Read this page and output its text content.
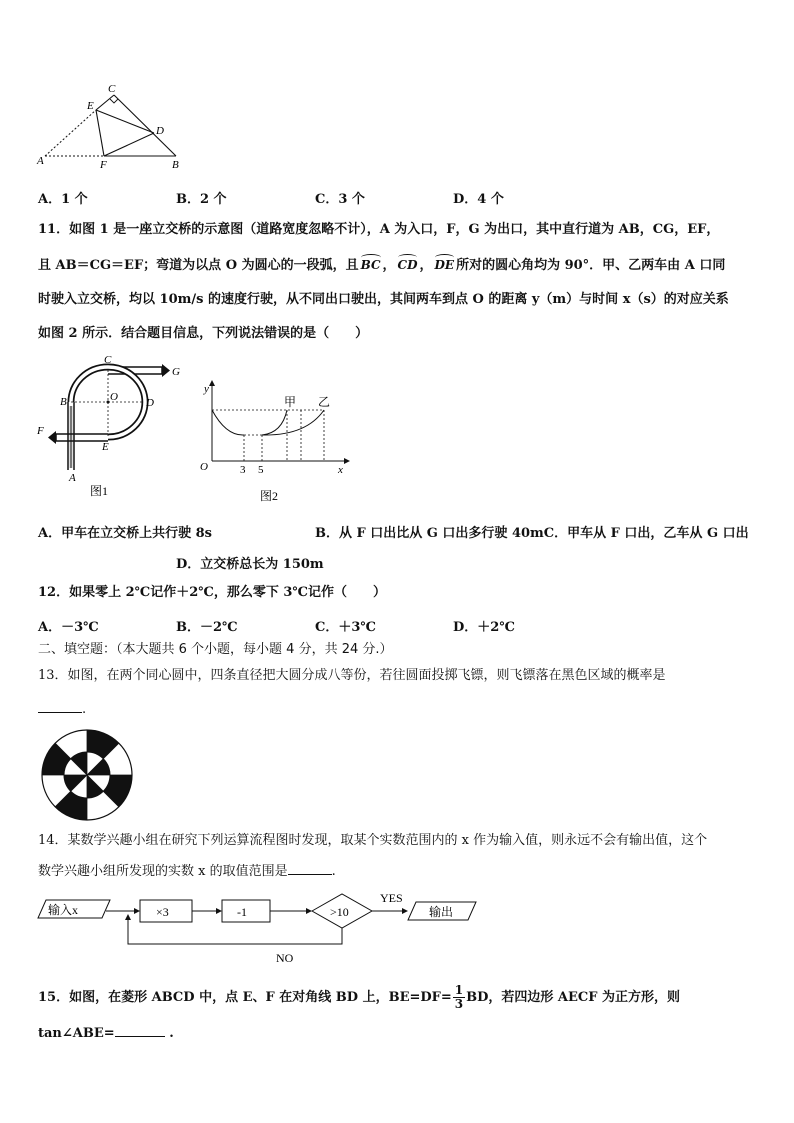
C
E
D
A	F	B
A．1 个	B．2 个	C．3 个	D．4 个
11．如图 1 是一座立交桥的示意图（道路宽度忽略不计），A 为入口，F，G 为出口，其中直行道为 AB，CG，EF，
且 AB＝CG＝EF；弯道为以点 O 为圆心的一段弧，且 BC ， CD ， DE 所对的圆心角均为 90°．甲、乙两车由 A 口同
时驶入立交桥，均以 10m/s 的速度行驶，从不同出口驶出，其间两车到点 O 的距离 y（m）与时间 x（s）的对应关系
如图 2 所示．结合题目信息，下列说法错误的是（　　）
C
G
O
B	D
F
E
A
图1
y
O	x
3 5
甲 乙
图2
A．甲车在立交桥上共行驶 8s	B．从 F 口出比从 G 口出多行驶 40mC．甲车从 F 口出，乙车从 G 口出
D．立交桥总长为 150m
12．如果零上 2℃记作＋2℃，那么零下 3℃记作（　　）
A．－3℃	B．－2℃	C．＋3℃	D．＋2℃
二、填空题：（本大题共 6 个小题，每小题 4 分，共 24 分.）
13．如图，在两个同心圆中，四条直径把大圆分成八等份，若往圆面投掷飞镖，则飞镖落在黑色区域的概率是
.
14．某数学兴趣小组在研究下列运算流程图时发现，取某个实数范围内的 x 作为输入值，则永远不会有输出值，这个
数学兴趣小组所发现的实数 x 的取值范围是	.
输入x	×3	-1	>10
YES
输出
NO
15．如图，在菱形 ABCD 中，点 E、F 在对角线 BD 上，$BE=DF= \frac{1}{3}$ BD，若四边形 AECF 为正方形，则
tan∠ABE=	.
